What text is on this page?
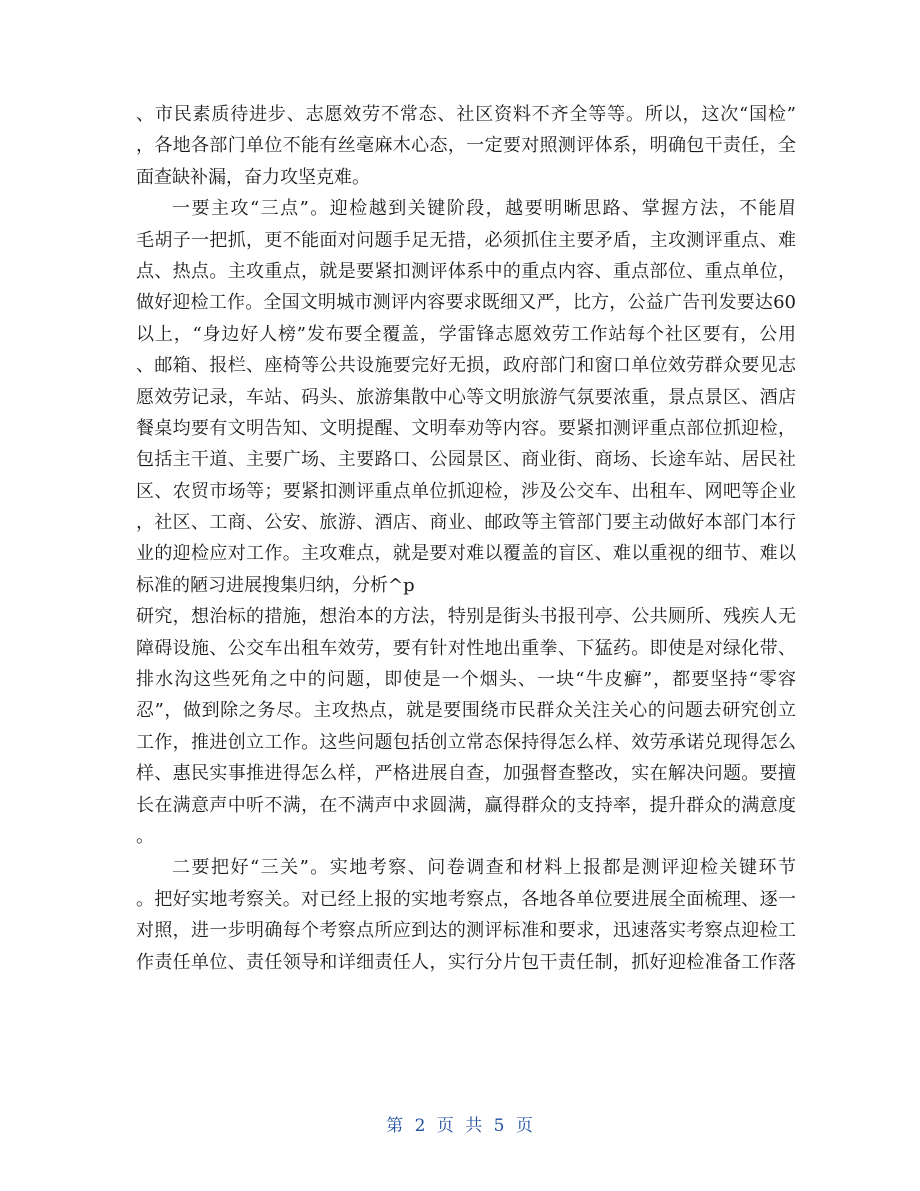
、市民素质待进步、志愿效劳不常态、社区资料不齐全等等。所以，这次“国检”
，各地各部门单位不能有丝毫麻木心态，一定要对照测评体系，明确包干责任，全
面查缺补漏，奋力攻坚克难。
一要主攻“三点”。迎检越到关键阶段，越要明晰思路、掌握方法，不能眉
毛胡子一把抓，更不能面对问题手足无措，必须抓住主要矛盾，主攻测评重点、难
点、热点。主攻重点，就是要紧扣测评体系中的重点内容、重点部位、重点单位，
做好迎检工作。全国文明城市测评内容要求既细又严，比方，公益广告刊发要达60
以上，“身边好人榜”发布要全覆盖，学雷锋志愿效劳工作站每个社区要有，公用
、邮箱、报栏、座椅等公共设施要完好无损，政府部门和窗口单位效劳群众要见志
愿效劳记录，车站、码头、旅游集散中心等文明旅游气氛要浓重，景点景区、酒店
餐桌均要有文明告知、文明提醒、文明奉劝等内容。要紧扣测评重点部位抓迎检，
包括主干道、主要广场、主要路口、公园景区、商业街、商场、长途车站、居民社
区、农贸市场等；要紧扣测评重点单位抓迎检，涉及公交车、出租车、网吧等企业
，社区、工商、公安、旅游、酒店、商业、邮政等主管部门要主动做好本部门本行
业的迎检应对工作。主攻难点，就是要对难以覆盖的盲区、难以重视的细节、难以
标准的陋习进展搜集归纳，分析^p
研究，想治标的措施，想治本的方法，特别是街头书报刊亭、公共厕所、残疾人无
障碍设施、公交车出租车效劳，要有针对性地出重拳、下猛药。即使是对绿化带、
排水沟这些死角之中的问题，即使是一个烟头、一块“牛皮癣”，都要坚持“零容
忍”，做到除之务尽。主攻热点，就是要围绕市民群众关注关心的问题去研究创立
工作，推进创立工作。这些问题包括创立常态保持得怎么样、效劳承诺兑现得怎么
样、惠民实事推进得怎么样，严格进展自查，加强督查整改，实在解决问题。要擅
长在满意声中听不满，在不满声中求圆满，赢得群众的支持率，提升群众的满意度
。
二要把好“三关”。实地考察、问卷调查和材料上报都是测评迎检关键环节
。把好实地考察关。对已经上报的实地考察点，各地各单位要进展全面梳理、逐一
对照，进一步明确每个考察点所应到达的测评标准和要求，迅速落实考察点迎检工
作责任单位、责任领导和详细责任人，实行分片包干责任制，抓好迎检准备工作落
第 2 页 共 5 页
